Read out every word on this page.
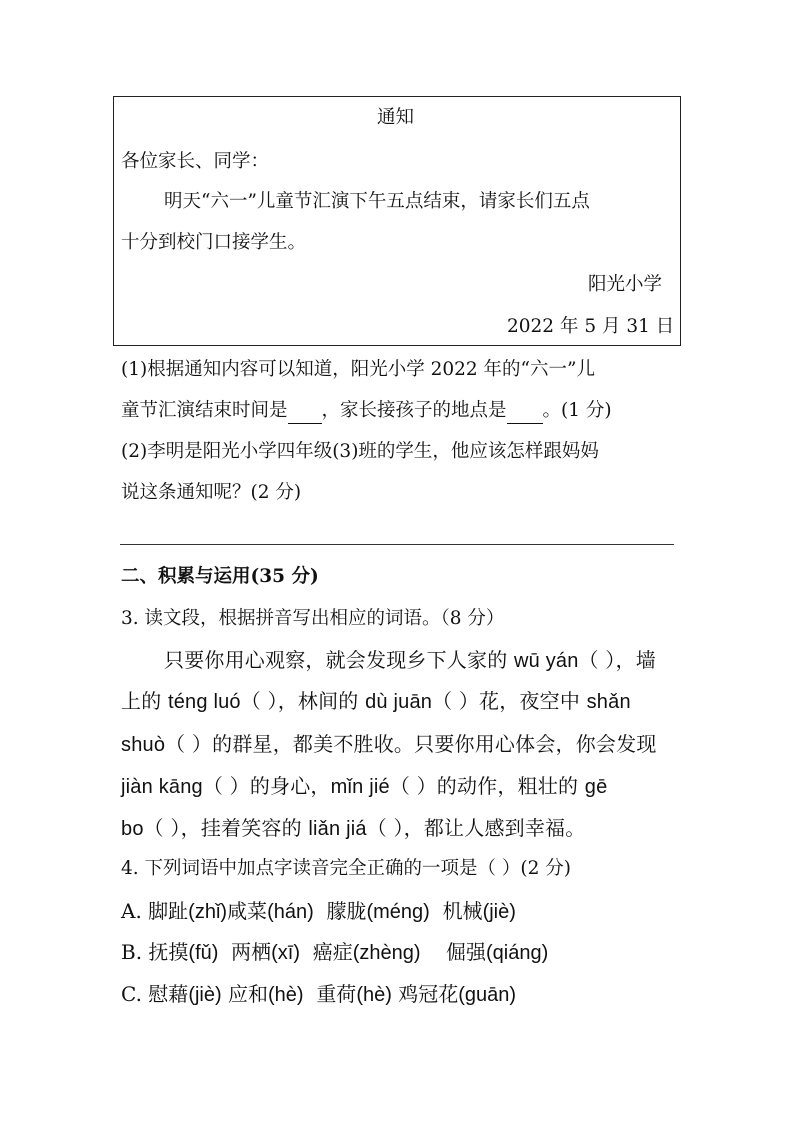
通知
各位家长、同学：
明天“六一”儿童节汇演下午五点结束，请家长们五点
十分到校门口接学生。
阳光小学
2022 年 5 月 31 日
(1)根据通知内容可以知道，阳光小学 2022 年的“六一”儿
童节汇演结束时间是 ，家长接孩子的地点是 。(1 分)
(2)李明是阳光小学四年级(3)班的学生，他应该怎样跟妈妈
说这条通知呢？(2 分)
二、积累与运用(35 分)
3. 读文段，根据拼音写出相应的词语。（8 分）
只要你用心观察，就会发现乡下人家的 wū yán（ ），墙
上的 téng luó（ ），林间的 dù juān（ ）花，夜空中 shǎn
shuò（ ）的群星，都美不胜收。只要你用心体会，你会发现
jiàn kāng（ ）的身心，mǐn jié（ ）的动作，粗壮的 gē
bo（ ），挂着笑容的 liǎn jiá（ ），都让人感到幸福。
4. 下列词语中加点字读音完全正确的一项是（ ）(2 分)
A. 脚趾(zhǐ)咸菜(hán) 朦胧(méng) 机械(jiè)
B. 抚摸(fǔ) 两栖(xī) 癌症(zhèng) 倔强(qiáng)
C. 慰藉(jiè) 应和(hè) 重荷(hè) 鸡冠花(guān)
